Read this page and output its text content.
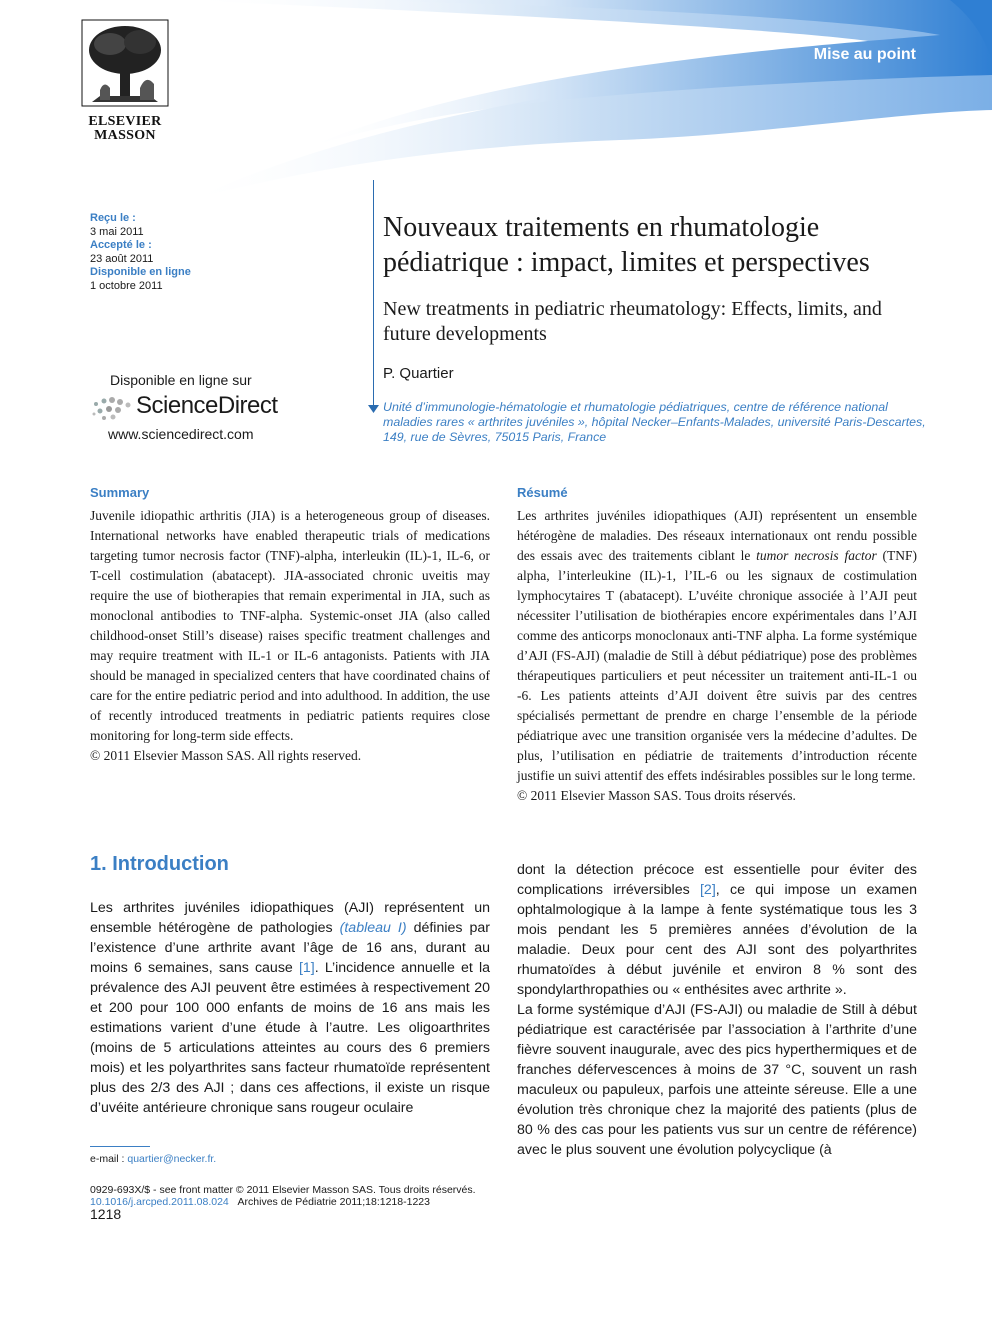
Mise au point
ELSEVIER
MASSON
Reçu le :
3 mai 2011
Accepté le :
23 août 2011
Disponible en ligne
1 octobre 2011
Disponible en ligne sur
ScienceDirect
www.sciencedirect.com
Nouveaux traitements en rhumatologie pédiatrique : impact, limites et perspectives
New treatments in pediatric rheumatology: Effects, limits, and future developments
P. Quartier
Unité d’immunologie-hématologie et rhumatologie pédiatriques, centre de référence national maladies rares « arthrites juvéniles », hôpital Necker–Enfants-Malades, université Paris-Descartes, 149, rue de Sèvres, 75015 Paris, France
Summary
Juvenile idiopathic arthritis (JIA) is a heterogeneous group of diseases. International networks have enabled therapeutic trials of medications targeting tumor necrosis factor (TNF)-alpha, interleukin (IL)-1, IL-6, or T-cell costimulation (abatacept). JIA-associated chronic uveitis may require the use of biotherapies that remain experimental in JIA, such as monoclonal antibodies to TNF-alpha. Systemic-onset JIA (also called childhood-onset Still’s disease) raises specific treatment challenges and may require treatment with IL-1 or IL-6 antagonists. Patients with JIA should be managed in specialized centers that have coordinated chains of care for the entire pediatric period and into adulthood. In addition, the use of recently introduced treatments in pediatric patients requires close monitoring for long-term side effects.
© 2011 Elsevier Masson SAS. All rights reserved.
Résumé
Les arthrites juvéniles idiopathiques (AJI) représentent un ensemble hétérogène de maladies. Des réseaux internationaux ont rendu possible des essais avec des traitements ciblant le tumor necrosis factor (TNF) alpha, l’interleukine (IL)-1, l’IL-6 ou les signaux de costimulation lymphocytaires T (abatacept). L’uvéite chronique associée à l’AJI peut nécessiter l’utilisation de biothérapies encore expérimentales dans l’AJI comme des anticorps monoclonaux anti-TNF alpha. La forme systémique d’AJI (FS-AJI) (maladie de Still à début pédiatrique) pose des problèmes thérapeutiques particuliers et peut nécessiter un traitement anti-IL-1 ou -6. Les patients atteints d’AJI doivent être suivis par des centres spécialisés permettant de prendre en charge l’ensemble de la période pédiatrique avec une transition organisée vers la médecine d’adultes. De plus, l’utilisation en pédiatrie de traitements d’introduction récente justifie un suivi attentif des effets indésirables possibles sur le long terme.
© 2011 Elsevier Masson SAS. Tous droits réservés.
1. Introduction
Les arthrites juvéniles idiopathiques (AJI) représentent un ensemble hétérogène de pathologies (tableau I) définies par l’existence d’une arthrite avant l’âge de 16 ans, durant au moins 6 semaines, sans cause [1]. L’incidence annuelle et la prévalence des AJI peuvent être estimées à respectivement 20 et 200 pour 100 000 enfants de moins de 16 ans mais les estimations varient d’une étude à l’autre. Les oligoarthrites (moins de 5 articulations atteintes au cours des 6 premiers mois) et les polyarthrites sans facteur rhumatoïde représentent plus des 2/3 des AJI ; dans ces affections, il existe un risque d’uvéite antérieure chronique sans rougeur oculaire
dont la détection précoce est essentielle pour éviter des complications irréversibles [2], ce qui impose un examen ophtalmologique à la lampe à fente systématique tous les 3 mois pendant les 5 premières années d’évolution de la maladie. Deux pour cent des AJI sont des polyarthrites rhumatoïdes à début juvénile et environ 8 % sont des spondylarthropathies ou « enthésites avec arthrite ».
La forme systémique d’AJI (FS-AJI) ou maladie de Still à début pédiatrique est caractérisée par l’association à l’arthrite d’une fièvre souvent inaugurale, avec des pics hyperthermiques et de franches défervescences à moins de 37 °C, souvent un rash maculeux ou papuleux, parfois une atteinte séreuse. Elle a une évolution très chronique chez la majorité des patients (plus de 80 % des cas pour les patients vus sur un centre de référence) avec le plus souvent une évolution polycyclique (à
e-mail : quartier@necker.fr.
0929-693X/$ - see front matter © 2011 Elsevier Masson SAS. Tous droits réservés.
10.1016/j.arcped.2011.08.024 Archives de Pédiatrie 2011;18:1218-1223
1218
